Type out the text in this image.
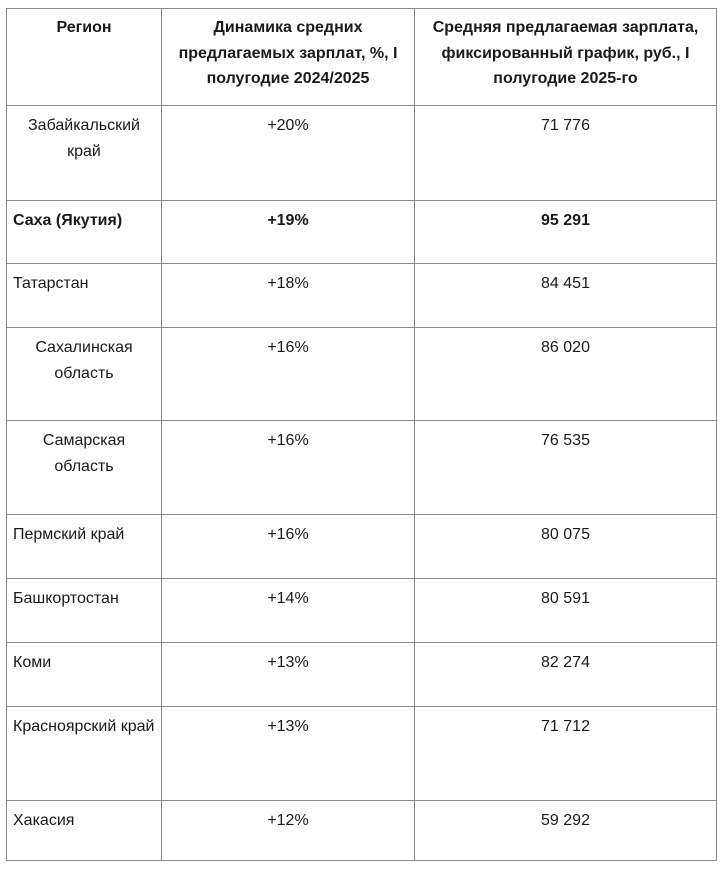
Регион	Динамика средних предлагаемых зарплат, %, I полугодие 2024/2025	Средняя предлагаемая зарплата, фиксированный график, руб., I полугодие 2025-го
Забайкальский край	+20%	71 776
Саха (Якутия)	+19%	95 291
Татарстан	+18%	84 451
Сахалинская область	+16%	86 020
Самарская область	+16%	76 535
Пермский край	+16%	80 075
Башкортостан	+14%	80 591
Коми	+13%	82 274
Красноярский край	+13%	71 712
Хакасия	+12%	59 292
